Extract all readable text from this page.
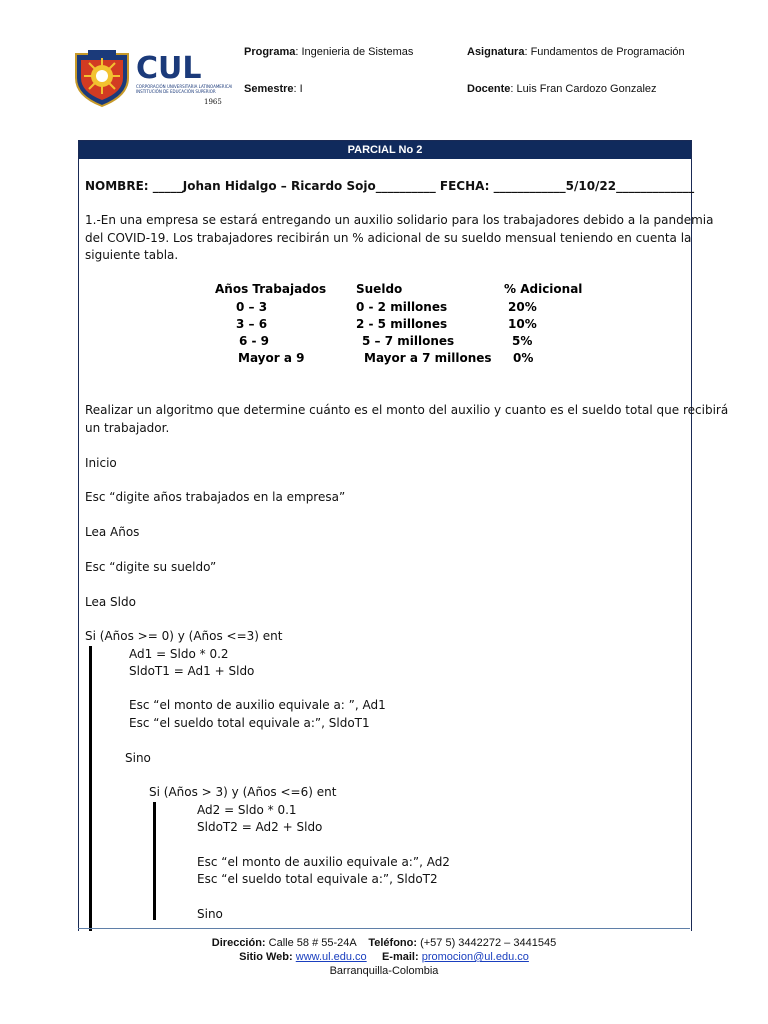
CUL
CORPORACIÓN UNIVERSITARIA LATINOAMERICANA
INSTITUCIÓN DE EDUCACIÓN SUPERIOR
1965
Programa: Ingenieria de Sistemas	Asignatura: Fundamentos de Programación
Semestre: I	Docente: Luis Fran Cardozo Gonzalez
PARCIAL No 2
NOMBRE: _____Johan Hidalgo – Ricardo Sojo__________ FECHA: ____________5/10/22_____________
1.-En una empresa se estará entregando un auxilio solidario para los trabajadores debido a la pandemia
del COVID-19. Los trabajadores recibirán un % adicional de su sueldo mensual teniendo en cuenta la
siguiente tabla.
Años Trabajados Sueldo	% Adicional
0 – 3	0 - 2 millones	20%
3 – 6	2 - 5 millones	10%
6 - 9	5 – 7 millones	5%
Mayor a 9	Mayor a 7 millones 0%
Realizar un algoritmo que determine cuánto es el monto del auxilio y cuanto es el sueldo total que recibirá
un trabajador.
Inicio
Esc “digite años trabajados en la empresa”
Lea Años
Esc “digite su sueldo”
Lea Sldo
Si (Años >= 0) y (Años <=3) ent
Ad1 = Sldo * 0.2
SldoT1 = Ad1 + Sldo
Esc “el monto de auxilio equivale a: ”, Ad1
Esc “el sueldo total equivale a:”, SldoT1
Sino
Si (Años > 3) y (Años <=6) ent
Ad2 = Sldo * 0.1
SldoT2 = Ad2 + Sldo
Esc “el monto de auxilio equivale a:”, Ad2
Esc “el sueldo total equivale a:”, SldoT2
Sino
Dirección: Calle 58 # 55-24A Teléfono: (+57 5) 3442272 – 3441545
Sitio Web: www.ul.edu.co E-mail: promocion@ul.edu.co
Barranquilla-Colombia
